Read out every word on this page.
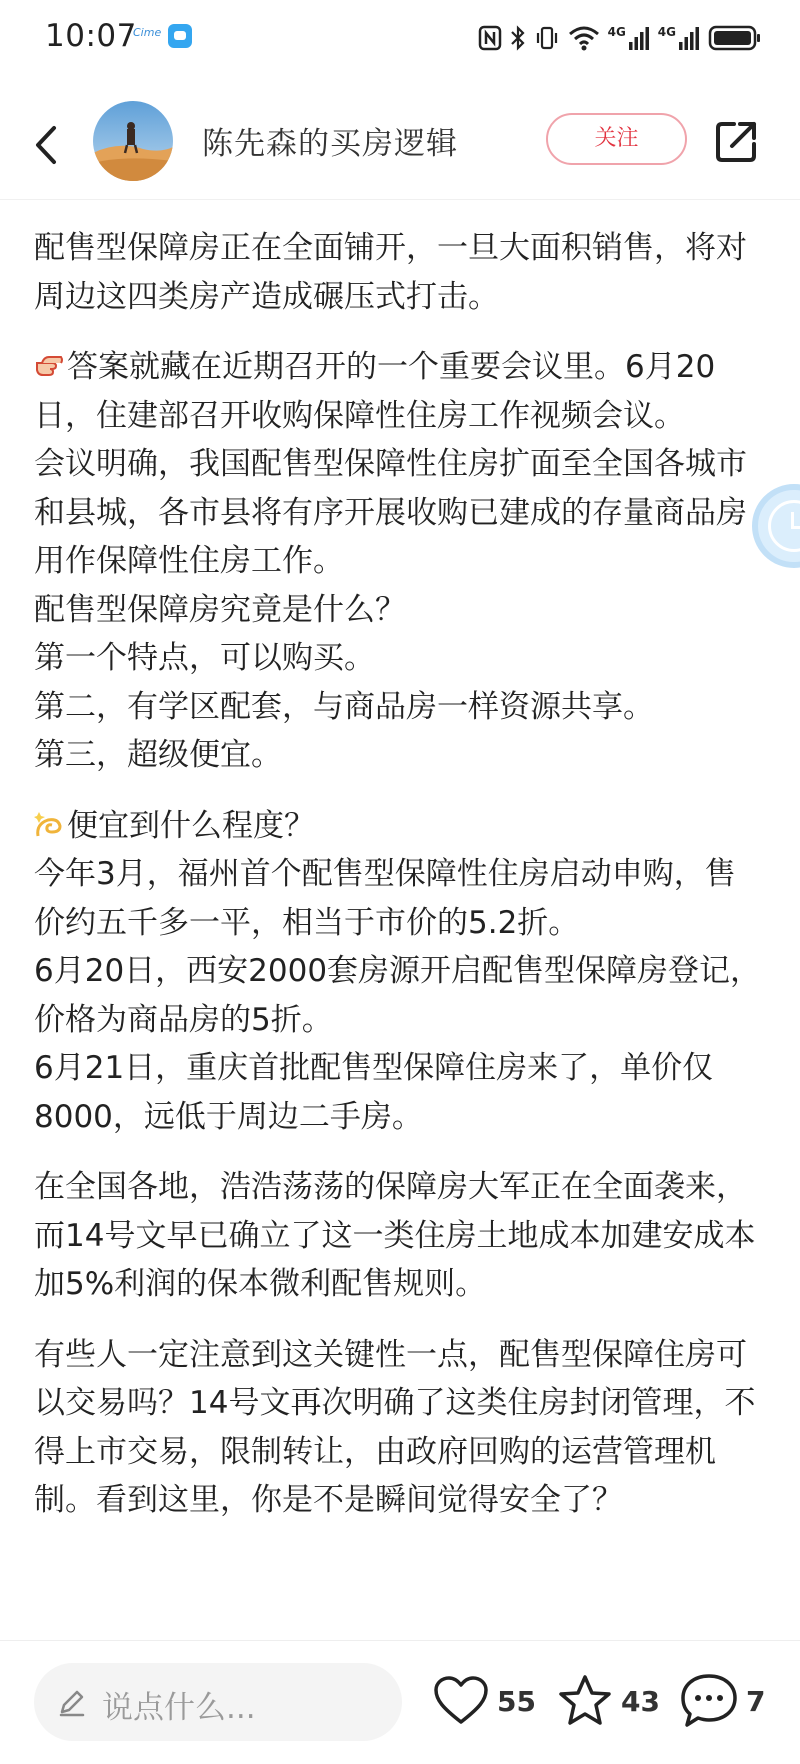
10:07
Cime	4G	4G
陈先森的买房逻辑	关注

配售型保障房正在全面铺开，一旦大面积销售，将对周边这四类房产造成碾压式打击。

答案就藏在近期召开的一个重要会议里。6月20日，住建部召开收购保障性住房工作视频会议。

会议明确，我国配售型保障性住房扩面至全国各城市和县城，各市县将有序开展收购已建成的存量商品房用作保障性住房工作。

配售型保障房究竟是什么？

第一个特点，可以购买。

第二，有学区配套，与商品房一样资源共享。

第三，超级便宜。

便宜到什么程度？

今年3月，福州首个配售型保障性住房启动申购，售价约五千多一平，相当于市价的5.2折。

6月20日，西安2000套房源开启配售型保障房登记，价格为商品房的5折。

6月21日，重庆首批配售型保障住房来了，单价仅8000，远低于周边二手房。

在全国各地，浩浩荡荡的保障房大军正在全面袭来，而14号文早已确立了这一类住房土地成本加建安成本加5%利润的保本微利配售规则。

有些人一定注意到这关键性一点，配售型保障住房可以交易吗？14号文再次明确了这类住房封闭管理，不得上市交易，限制转让，由政府回购的运营管理机制。看到这里，你是不是瞬间觉得安全了？

说点什么...	55	43	7
